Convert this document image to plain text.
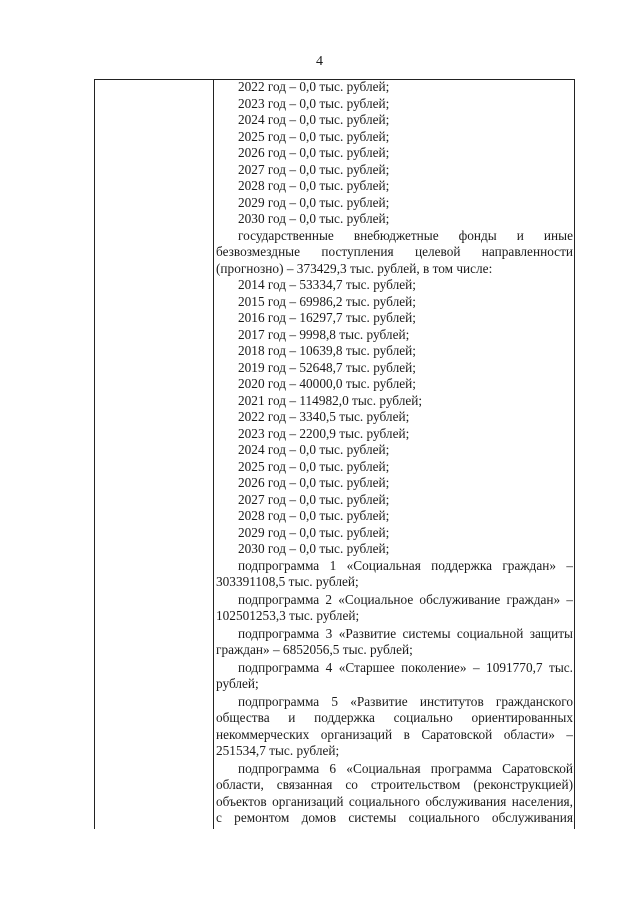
4
2022 год – 0,0 тыс. рублей;
2023 год – 0,0 тыс. рублей;
2024 год – 0,0 тыс. рублей;
2025 год – 0,0 тыс. рублей;
2026 год – 0,0 тыс. рублей;
2027 год – 0,0 тыс. рублей;
2028 год – 0,0 тыс. рублей;
2029 год – 0,0 тыс. рублей;
2030 год – 0,0 тыс. рублей;
государственные внебюджетные фонды и иные
безвозмездные поступления целевой направленности
(прогнозно) – 373429,3 тыс. рублей, в том числе:
2014 год – 53334,7 тыс. рублей;
2015 год – 69986,2 тыс. рублей;
2016 год – 16297,7 тыс. рублей;
2017 год – 9998,8 тыс. рублей;
2018 год – 10639,8 тыс. рублей;
2019 год – 52648,7 тыс. рублей;
2020 год – 40000,0 тыс. рублей;
2021 год – 114982,0 тыс. рублей;
2022 год – 3340,5 тыс. рублей;
2023 год – 2200,9 тыс. рублей;
2024 год – 0,0 тыс. рублей;
2025 год – 0,0 тыс. рублей;
2026 год – 0,0 тыс. рублей;
2027 год – 0,0 тыс. рублей;
2028 год – 0,0 тыс. рублей;
2029 год – 0,0 тыс. рублей;
2030 год – 0,0 тыс. рублей;
подпрограмма 1 «Социальная поддержка граждан» –
303391108,5 тыс. рублей;
подпрограмма 2 «Социальное обслуживание граждан» –
102501253,3 тыс. рублей;
подпрограмма 3 «Развитие системы социальной защиты
граждан» – 6852056,5 тыс. рублей;
подпрограмма 4 «Старшее поколение» – 1091770,7 тыс.
рублей;
подпрограмма 5 «Развитие институтов гражданского
общества и поддержка социально ориентированных
некоммерческих организаций в Саратовской области» –
251534,7 тыс. рублей;
подпрограмма 6 «Социальная программа Саратовской
области, связанная со строительством (реконструкцией)
объектов организаций социального обслуживания населения,
с ремонтом домов системы социального обслуживания
